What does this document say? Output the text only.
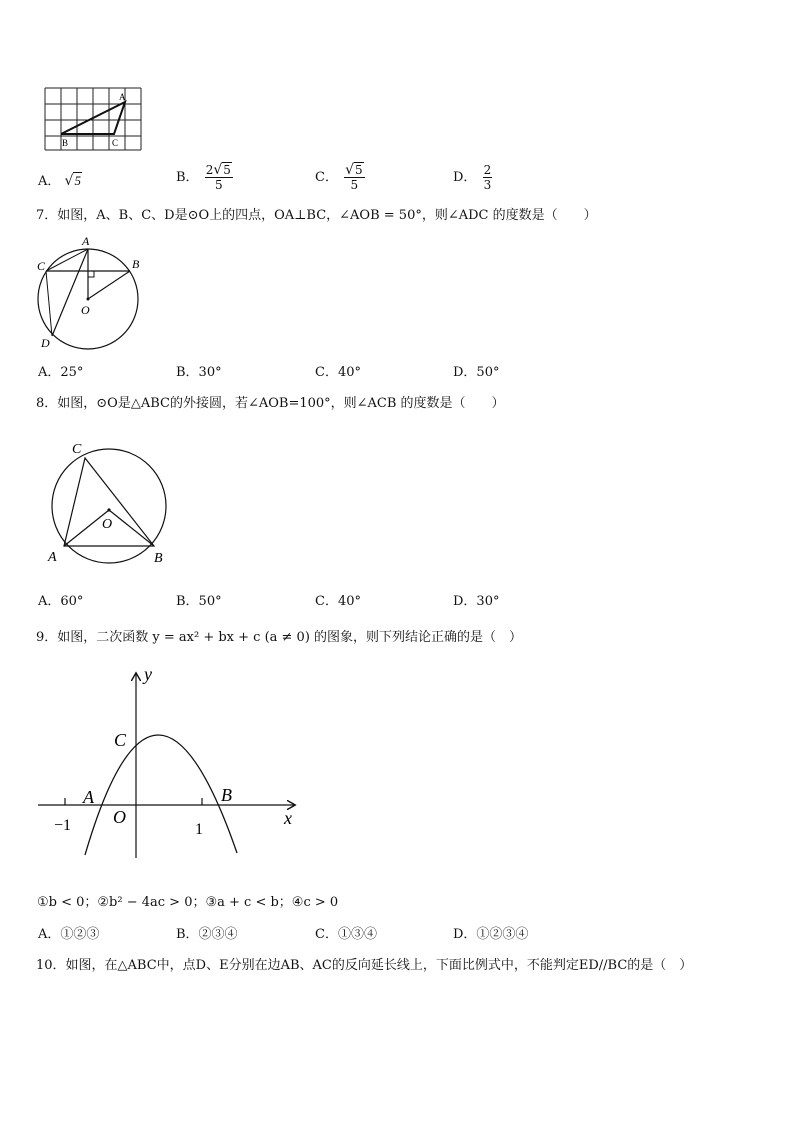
A
B	C
A． √5	B． $\frac{2√5}{5}$	C． $\frac{√5}{5}$	D． $\frac{2}{3}$
7．如图，A、B、C、D是⊙O上的四点，OA⊥BC，∠AOB = 50°，则∠ADC 的度数是（　　）
A
B
C
D
O
A．25°	B．30°	C．40°	D．50°
8．如图，⊙O是△ABC的外接圆，若∠AOB=100°，则∠ACB 的度数是（　　）
C
O
A	B
A．60°	B．50°	C．40°	D．30°
9．如图，二次函数 y = ax² + bx + c (a ≠ 0) 的图象，则下列结论正确的是（　）
y
x
C
A	B
O
−1	1
①b < 0；②b² − 4ac > 0；③a + c < b；④c > 0
A．①②③	B．②③④	C．①③④	D．①②③④
10．如图，在△ABC中，点D、E分别在边AB、AC的反向延长线上，下面比例式中，不能判定ED//BC的是（　）
